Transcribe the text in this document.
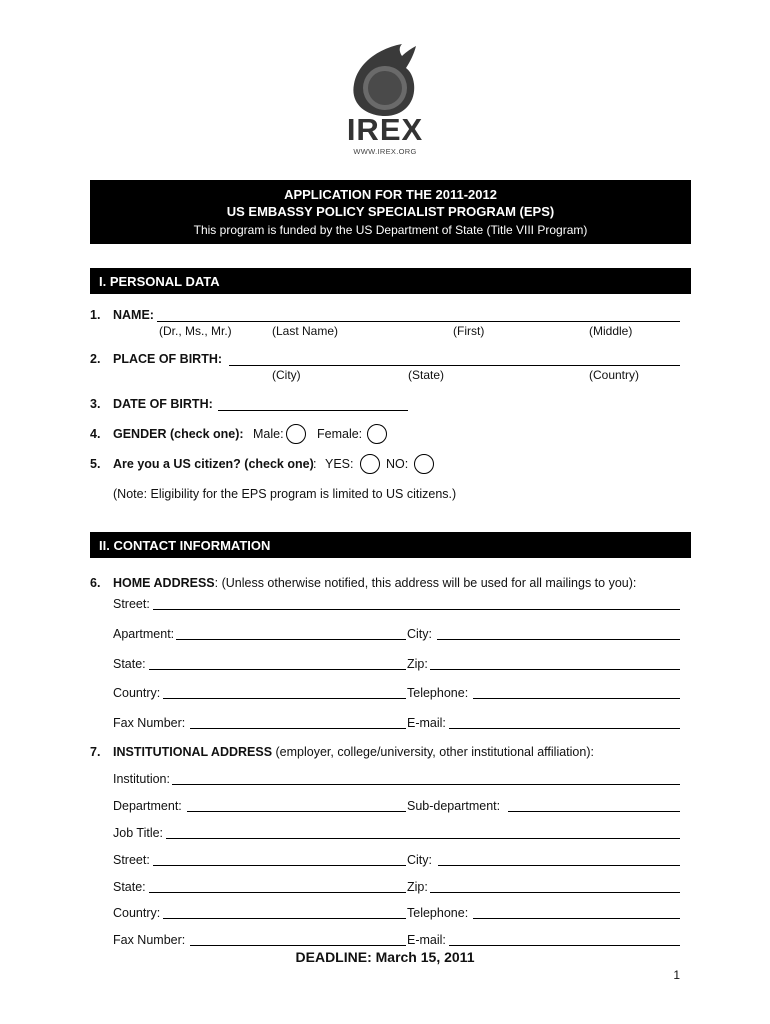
IREX
WWW.IREX.ORG
APPLICATION FOR THE 2011-2012
US EMBASSY POLICY SPECIALIST PROGRAM (EPS)
This program is funded by the US Department of State (Title VIII Program)
I. PERSONAL DATA
1. NAME:
(Dr., Ms., Mr.)	(Last Name)	(First)	(Middle)
2. PLACE OF BIRTH:
(City)	(State)	(Country)
3. DATE OF BIRTH:
4. GENDER (check one): Male:	Female:
5. Are you a US citizen? (check one) : YES:	NO:
(Note: Eligibility for the EPS program is limited to US citizens.)
II. CONTACT INFORMATION
6. HOME ADDRESS: (Unless otherwise notified, this address will be used for all mailings to you):
Street:
Apartment:	City:
State:	Zip:
Country:	Telephone:
Fax Number:	E-mail:
7. INSTITUTIONAL ADDRESS (employer, college/university, other institutional affiliation):
Institution:
Department:	Sub-department:
Job Title:
Street:	City:
State:	Zip:
Country:	Telephone:
Fax Number:	E-mail:
DEADLINE: March 15, 2011
1
